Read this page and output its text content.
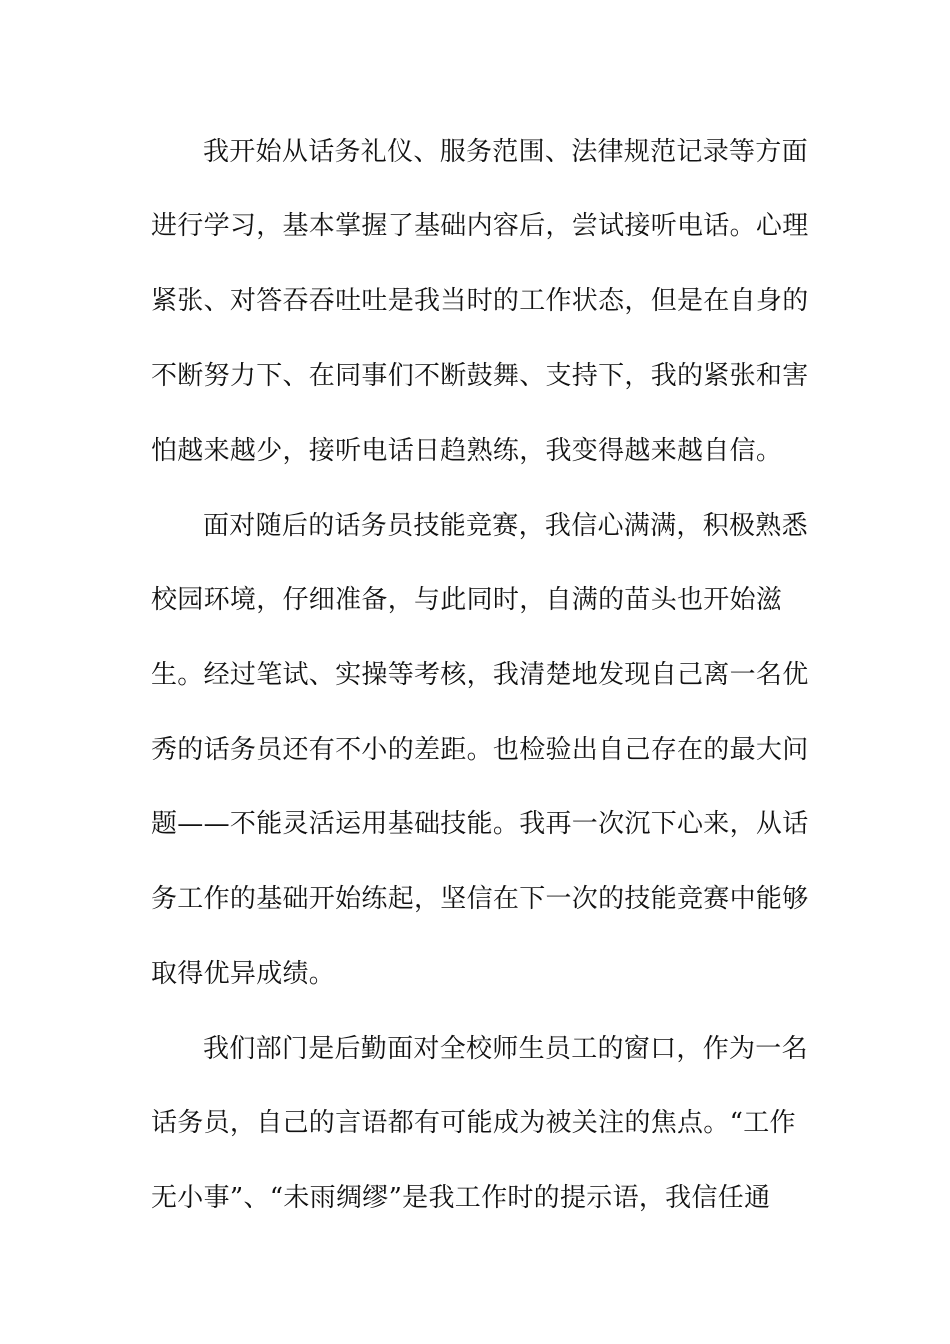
我开始从话务礼仪、服务范围、法律规范记录等方面
进行学习，基本掌握了基础内容后，尝试接听电话。心理
紧张、对答吞吞吐吐是我当时的工作状态，但是在自身的
不断努力下、在同事们不断鼓舞、支持下，我的紧张和害
怕越来越少，接听电话日趋熟练，我变得越来越自信。
面对随后的话务员技能竞赛，我信心满满，积极熟悉
校园环境，仔细准备，与此同时，自满的苗头也开始滋
生。经过笔试、实操等考核，我清楚地发现自己离一名优
秀的话务员还有不小的差距。也检验出自己存在的最大问
题——不能灵活运用基础技能。我再一次沉下心来，从话
务工作的基础开始练起，坚信在下一次的技能竞赛中能够
取得优异成绩。
我们部门是后勤面对全校师生员工的窗口，作为一名
话务员，自己的言语都有可能成为被关注的焦点。“工作
无小事”、“未雨绸缪”是我工作时的提示语，我信任通
